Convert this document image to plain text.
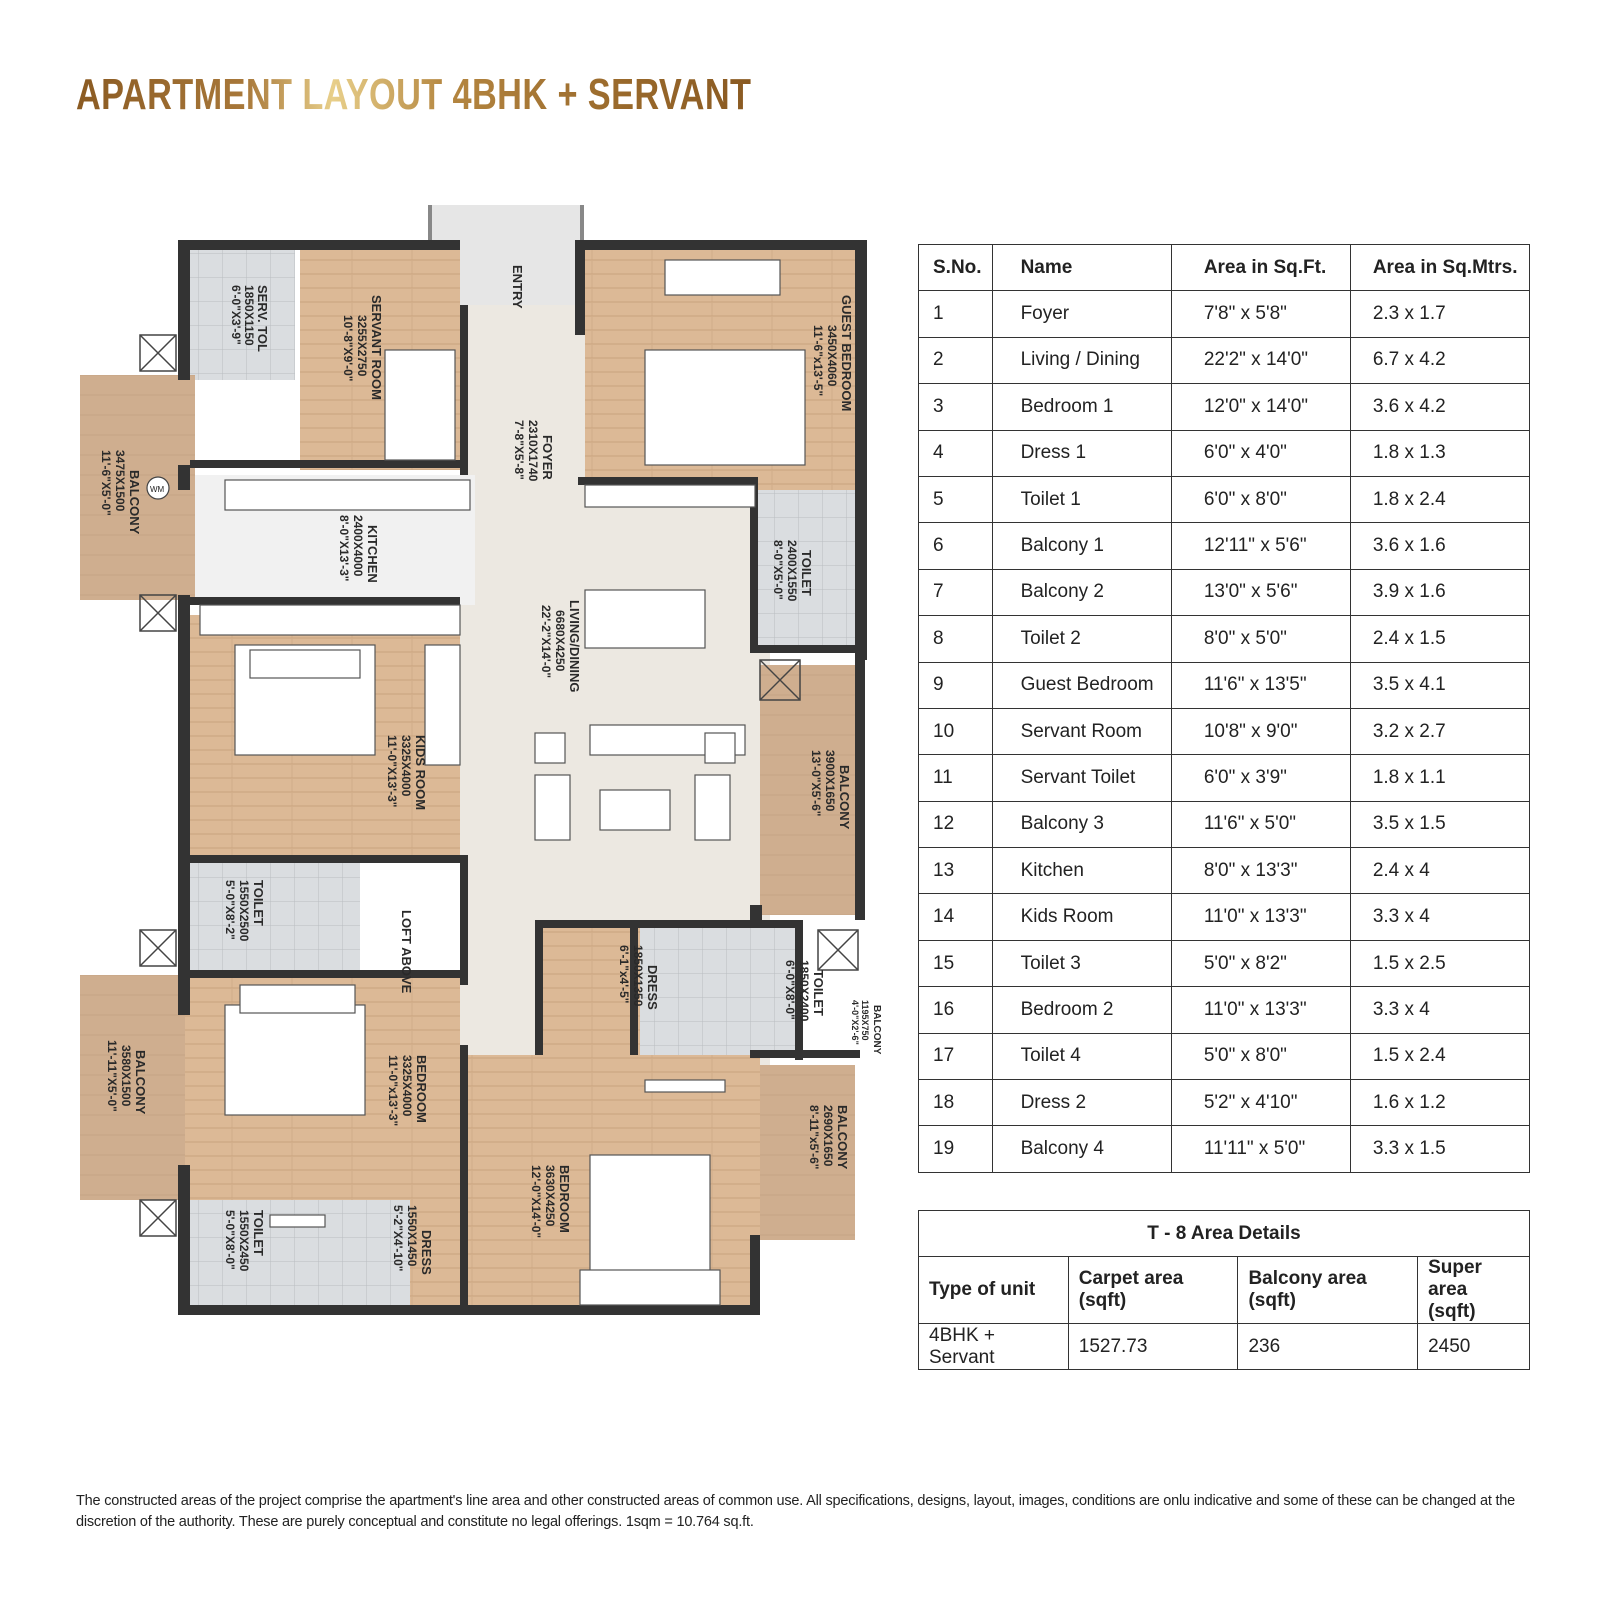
APARTMENT LAYOUT 4BHK + SERVANT
SERV. TOL
1850X1150
6'-0"X3'-9"	SERVANT ROOM
3255X2750
10'-8"X9'-0"
ENTRY
GUEST BEDROOM
3450X4060
11'-6"x13'-5"
BALCONY
3475X1500
11'-6"X5'-0"	FOYER
2310X1740
7'-8"X5'-8"
KITCHEN
2400X4000
8'-0"X13'-3"	TOILET
2400X1550
8'-0"X5'-0"
LIVING/DINING
6680X4250
22'-2"X14'-0"
KIDS ROOM
3325X4000
11'-0"X13'-3"	BALCONY
3900X1650
13'-0"X5'-6"
TOILET
1550X2500
5'-0"X8'-2"
LOFT ABOVE	DRESS
1850X1350
6'-1"x4'-5"	TOILET
1850X2400
6'-0"X8'-0"
BALCONY
1195X750
4'-0"X2'-6"
BALCONY
3580X1500
11'-11"X5'-0"	BEDROOM
3325X4000
11'-0"x13'-3"
BALCONY
2690X1650
8'-11"x5'-6"
BEDROOM
3630X4250
12'-0"X14'-0"
DRESS
1550X1450
5'-2"X4'-10"
TOILET
1550X2450
5'-0"X8'-0"
WM
S.No.	Name	Area in Sq.Ft.	Area in Sq.Mtrs.
1	Foyer	7'8" x 5'8"	2.3 x 1.7
2	Living / Dining	22'2" x 14'0"	6.7 x 4.2
3	Bedroom 1	12'0" x 14'0"	3.6 x 4.2
4	Dress 1	6'0" x 4'0"	1.8 x 1.3
5	Toilet 1	6'0" x 8'0"	1.8 x 2.4
6	Balcony 1	12'11" x 5'6"	3.6 x 1.6
7	Balcony 2	13'0" x 5'6"	3.9 x 1.6
8	Toilet 2	8'0" x 5'0"	2.4 x 1.5
9	Guest Bedroom	11'6" x 13'5"	3.5 x 4.1
10	Servant Room	10'8" x 9'0"	3.2 x 2.7
11	Servant Toilet	6'0" x 3'9"	1.8 x 1.1
12	Balcony 3	11'6" x 5'0"	3.5 x 1.5
13	Kitchen	8'0" x 13'3"	2.4 x 4
14	Kids Room	11'0" x 13'3"	3.3 x 4
15	Toilet 3	5'0" x 8'2"	1.5 x 2.5
16	Bedroom 2	11'0" x 13'3"	3.3 x 4
17	Toilet 4	5'0" x 8'0"	1.5 x 2.4
18	Dress 2	5'2" x 4'10"	1.6 x 1.2
19	Balcony 4	11'11" x 5'0"	3.3 x 1.5
T - 8 Area Details			
Type of unit	Carpet area (sqft)	Balcony area (sqft)	Super area (sqft)
4BHK + Servant	1527.73	236	2450
The constructed areas of the project comprise the apartment's line area and other constructed areas of common use. All specifications, designs, layout, images, conditions are onlu indicative and some of these can be changed at the discretion of the authority. These are purely conceptual and constitute no legal offerings. 1sqm = 10.764 sq.ft.
